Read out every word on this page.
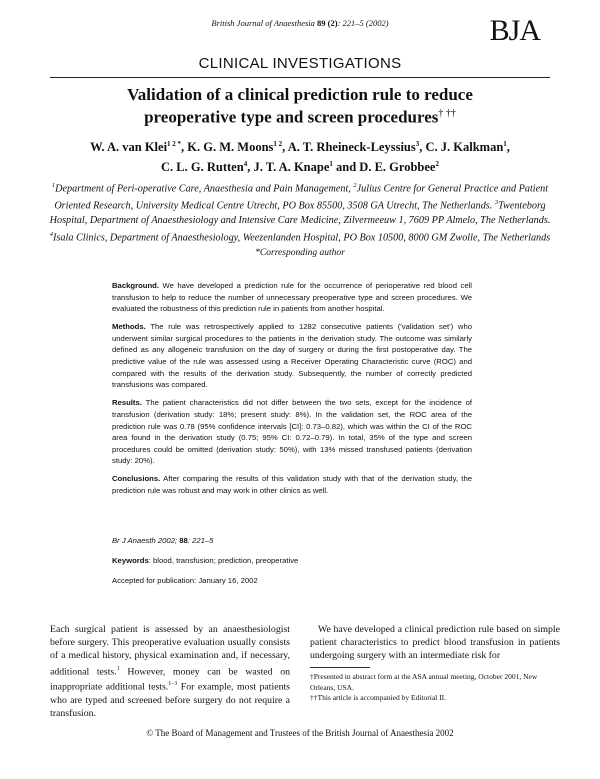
British Journal of Anaesthesia 89 (2): 221–5 (2002)	BJA
CLINICAL INVESTIGATIONS
Validation of a clinical prediction rule to reduce
preoperative type and screen procedures† ††
W. A. van Klei$^{1 2 *}$, K. G. M. Moons$^{1 2}$, A. T. Rheineck-Leyssius$^3$, C. J. Kalkman$^1$,
C. L. G. Rutten$^4$, J. T. A. Knape$^1$ and D. E. Grobbee$^2$
$^1$Department of Peri-operative Care, Anaesthesia and Pain Management, $^2$Julius Centre for General Practice and Patient Oriented Research, University Medical Centre Utrecht, PO Box 85500, 3508 GA Utrecht, The Netherlands. $^3$Twenteborg Hospital, Department of Anaesthesiology and Intensive Care Medicine, Zilvermeeuw 1, 7609 PP Almelo, The Netherlands. $^4$Isala Clinics, Department of Anaesthesiology, Weezenlanden Hospital, PO Box 10500, 8000 GM Zwolle, The Netherlands
*Corresponding author

Background. We have developed a prediction rule for the occurrence of perioperative red blood cell transfusion to help to reduce the number of unnecessary preoperative type and screen procedures. We evaluated the robustness of this prediction rule in patients from another hospital.

Methods. The rule was retrospectively applied to 1282 consecutive patients ('validation set') who underwent similar surgical procedures to the patients in the derivation study. The outcome was similarly defined as any allogeneic transfusion on the day of surgery or during the first postoperative day. The predictive value of the rule was assessed using a Receiver Operating Characteristic curve (ROC) and compared with the results of the derivation study. Subsequently, the number of correctly predicted transfusions was compared.

Results. The patient characteristics did not differ between the two sets, except for the incidence of transfusion (derivation study: 18%; present study: 8%). In the validation set, the ROC area of the prediction rule was 0.78 (95% confidence intervals [CI]: 0.73–0.82), which was within the CI of the ROC area found in the derivation study (0.75; 95% CI: 0.72–0.79). In total, 35% of the type and screen procedures could be omitted (derivation study: 50%), with 13% missed transfused patients (derivation study: 20%).

Conclusions. After comparing the results of this validation study with that of the derivation study, the prediction rule was robust and may work in other clinics as well.

Br J Anaesth 2002; 88: 221–5
Keywords: blood, transfusion; prediction, preoperative
Accepted for publication: January 16, 2002

Each surgical patient is assessed by an anaesthesiologist before surgery. This preoperative evaluation usually consists of a medical history, physical examination and, if necessary, additional tests.$^1$ However, money can be wasted on inappropriate additional tests.$^{1-3}$ For example, most patients who are typed and screened before surgery do not require a transfusion.

We have developed a clinical prediction rule based on simple patient characteristics to predict blood transfusion in patients undergoing surgery with an intermediate risk for

†Presented in abstract form at the ASA annual meeting, October 2001, New Orleans, USA.
††This article is accompanied by Editorial II.
© The Board of Management and Trustees of the British Journal of Anaesthesia 2002
